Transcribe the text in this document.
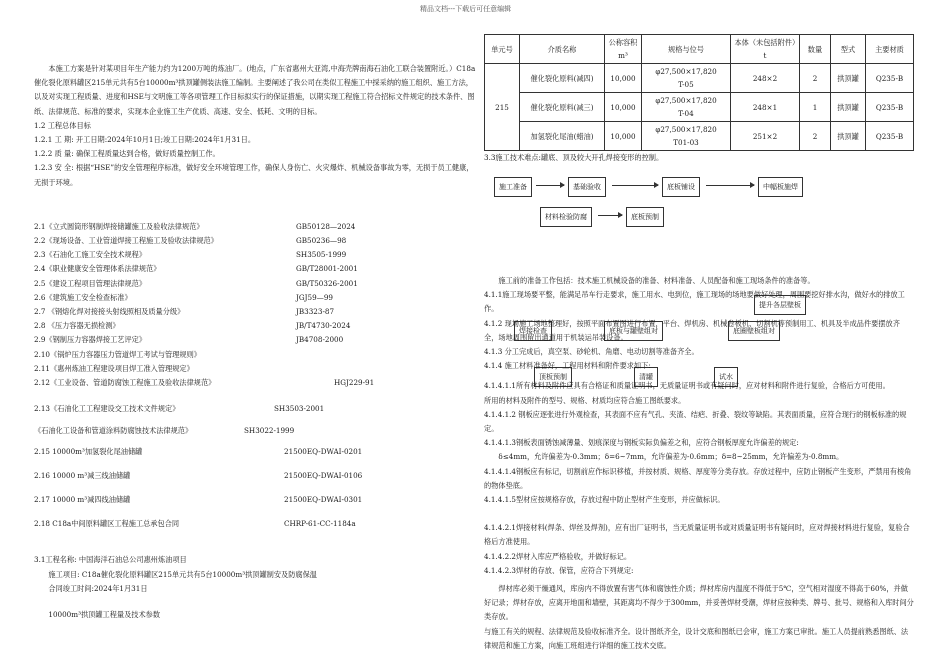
精品文档---下载后可任意编辑

本施工方案是针对某项目年生产能力约为1200万吨的炼油厂。(地点，广东省惠州大亚湾,中海壳牌南海石油化工联合装置附近。）C18a催化裂化原料罐区215单元共有5台10000m³拱顶罐侧装法施工编制。主要阐述了我公司在类似工程施工中採采纳的施工组织、施工方法，以及对实现工程质量、进度和HSE与文明施工等各项管理工作目标拟实行的保证措施，以期实现工程施工符合招标文件规定的技术条件、图纸、法律规范、标准的要求，实现本企业施工生产优质、高速、安全、低耗、文明的目标。

1.2 工程总体目标

1.2.1 工 期: 开工日期:2024年10月1日;竣工日期:2024年1月31日。

1.2.2 质 量: 确保工程质量达到合格，做好质量控制工作。

1.2.3 安 全: 根据“HSE”的安全管理程序标准，做好安全环境管理工作，确保人身伤亡、火灾爆炸、机械设备事故为零，无损于员工健康，无损于环境。

2.1《立式圆筒形钢制焊接储罐施工及验收法律规范》	GB50128—2024
2.2《现场设备、工业管道焊接工程施工及验收法律规范》	GB50236—98
2.3《石油化工施工安全技术规程》	SH3505-1999
2.4《职业健康安全管理体系法律规范》	GB/T28001-2001
2.5《建设工程项目管理法律规范》	GB/T50326-2001
2.6《建筑施工安全检查标准》	JGJ59—99
2.7 《钢熔化焊对接接头射线照相及质量分级》	JB3323-87
2.8 《压力容器无损检测》	JB/T4730-2024
2.9《钢制压力容器焊接工艺评定》	JB4708-2000
2.10《锅炉压力容器压力管道焊工考试与管理规则》
2.11《惠州炼油工程建设项目焊工准入管理规定》
2.12《工业设备、管道防腐蚀工程施工及验收法律规范》	HGJ229-91
2.13《石油化工工程建设交工技术文件规定》	SH3503-2001
《石油化工设备和管道涂料防腐蚀技术法律规范》	SH3022-1999
2.15 10000m³加氢裂化尾油储罐	21500EQ-DWAI-0201
2.16 10000 m³减三线油储罐	21500EQ-DWAI-0106
2.17 10000 m³减四线油储罐	21500EQ-DWAI-0301
2.18 C18a中间原料罐区工程施工总承包合同	CHRP-61-CC-1184a

3.1工程名称: 中国海洋石油总公司惠州炼油项目

施工项目: C18a催化裂化原料罐区215单元共有5台10000m³拱顶罐制安及防腐保温

合同竣工时间:2024年1月31日

10000m³拱顶罐工程量及技术参数

单元号	介质名称	公称容积m³	规格与位号	本体（未包括附件）t	数量	型式	主要材质
215	催化裂化原料(减四)	10,000	φ27,500×17,820
T-05	248×2	2	拱顶罐	Q235-B
	催化裂化原料(减三)	10,000	φ27,500×17,820
T-04	248×1	1	拱顶罐	Q235-B
	加氢裂化尾油(蜡油)	10,000	φ27,500×17,820
T01-03	251×2	2	拱顶罐	Q235-B

3.3施工技术难点:罐底、顶及较大开孔焊接变形的控制。

施工准备	基础验收	底板铺设	中幅板施焊
材料检验防腐	底板预制
提升各层壁板
焊接检查	底板与罐壁组对	底圈壁板组对
顶板预制	清罐	试水

施工前的准备工作包括：技术施工机械设备的准备、材料准备、人员配备和施工现场条件的准备等。

4.1.1施工现场要平整，能满足吊车行走要求，施工用水、电到位，施工现场的场地要做好处理，周围要挖好排水沟，做好水的排放工作。

4.1.2 现场施工场地整理好，按照平面布置图进行布置，平台、焊机房、机械卷板机、切割机等预制用工、机具及半成品件要摆放齐全，场地周围留出通道用于机装运吊装设备。

4.1.3 分工完成后，真空泵、砂轮机、角磨、电动切割等准备齐全。

4.1.4 施工材料准备好，工程用材料和附件要求如下:

4.1.4.1.1所有材料及附件应具有合格证和质量证明书，无质量证明书或有疑问时，应对材料和附件进行复验，合格后方可使用。

所用的材料及附件的型号、规格、材质均应符合施工图纸要求。

4.1.4.1.2 钢板应逐张进行外观检查，其表面不应有气孔、夹渣、结疤、折叠、裂纹等缺陷。其表面质量，应符合现行的钢板标准的规定。

4.1.4.1.3钢板表面锈蚀减薄量、划痕深度与钢板实际负偏差之和，应符合钢板厚度允许偏差的规定:

δ≤4mm，允许偏差为-0.3mm；δ=6~7mm，允许偏差为-0.6mm；δ=8~25mm，允许偏差为-0.8mm。

4.1.4.1.4钢板应有标记，切割前应作标识移植，并按材质、规格、厚度等分类存放。存放过程中，应防止钢板产生变形，严禁用有棱角的物体垫底。

4.1.4.1.5型材应按规格存放，存放过程中防止型材产生变形，并应做标识。

4.1.4.2.1焊接材料(焊条、焊丝及焊剂)，应有出厂证明书，当无质量证明书或对质量证明书有疑问时，应对焊接材料进行复验，复验合格后方准使用。

4.1.4.2.2焊材入库应严格验收，并做好标记。

4.1.4.2.3焊材的存放、保管，应符合下列规定:

焊材库必须干燥通风，库房内不得放置有害气体和腐蚀性介质；焊材库房内温度不得低于5℃，空气相对湿度不得高于60%，并做好记录；焊材存放，应离开地面和墙壁，其距离均不得少于300mm，并妥善焊材受潮，焊材应按种类、牌号、批号、规格和入库时间分类存放。

与施工有关的规程、法律规范及验收标准齐全。设计图纸齐全，设计交底和图纸已会审，施工方案已审批。施工人员提前熟悉图纸、法律规范和施工方案，向施工班组进行详细的施工技术交底。
